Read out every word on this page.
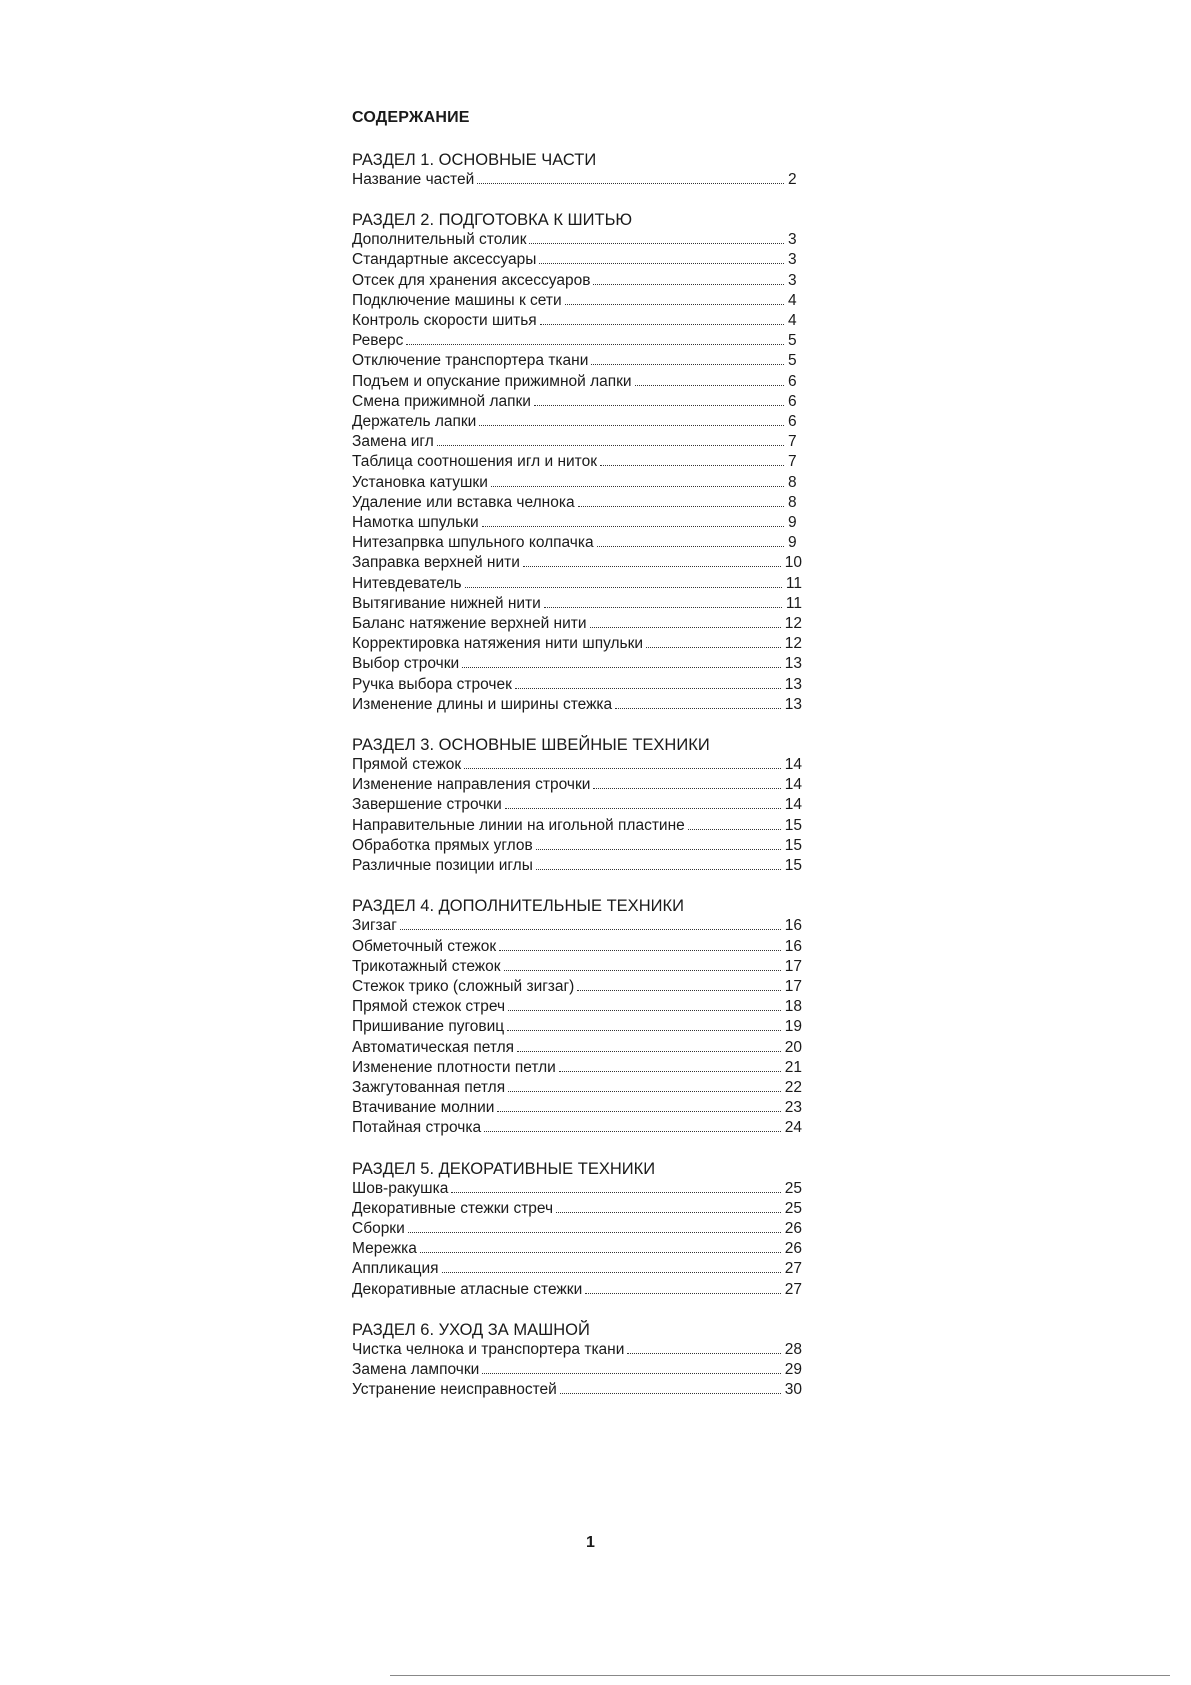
СОДЕРЖАНИЕ
РАЗДЕЛ 1. ОСНОВНЫЕ ЧАСТИ
Название частей	2
РАЗДЕЛ 2. ПОДГОТОВКА К ШИТЬЮ
Дополнительный столик	3
Стандартные аксессуары	3
Отсек для хранения аксессуаров	3
Подключение машины к сети	4
Контроль скорости шитья	4
Реверс	5
Отключение транспортера ткани	5
Подъем и опускание прижимной лапки	6
Смена прижимной лапки	6
Держатель лапки	6
Замена игл	7
Таблица соотношения игл и ниток	7
Установка катушки	8
Удаление или вставка челнока	8
Намотка шпульки	9
Нитезапрвка шпульного колпачка	9
Заправка верхней нити	10
Нитевдеватель	11
Вытягивание нижней нити	11
Баланс натяжение верхней нити	12
Корректировка натяжения нити шпульки	12
Выбор строчки	13
Ручка выбора строчек	13
Изменение длины и ширины стежка	13
РАЗДЕЛ 3. ОСНОВНЫЕ ШВЕЙНЫЕ ТЕХНИКИ
Прямой стежок	14
Изменение направления строчки	14
Завершение строчки	14
Направительные линии на игольной пластине	15
Обработка прямых углов	15
Различные позиции иглы	15
РАЗДЕЛ 4. ДОПОЛНИТЕЛЬНЫЕ ТЕХНИКИ
Зигзаг	16
Обметочный стежок	16
Трикотажный стежок	17
Стежок трико (сложный зигзаг)	17
Прямой стежок стреч	18
Пришивание пуговиц	19
Автоматическая петля	20
Изменение плотности петли	21
Зажгутованная петля	22
Втачивание молнии	23
Потайная строчка	24
РАЗДЕЛ 5. ДЕКОРАТИВНЫЕ ТЕХНИКИ
Шов-ракушка	25
Декоративные стежки стреч	25
Сборки	26
Мережка	26
Аппликация	27
Декоративные атласные стежки	27
РАЗДЕЛ 6. УХОД ЗА МАШНОЙ
Чистка челнока и транспортера ткани	28
Замена лампочки	29
Устранение неисправностей	30
1
